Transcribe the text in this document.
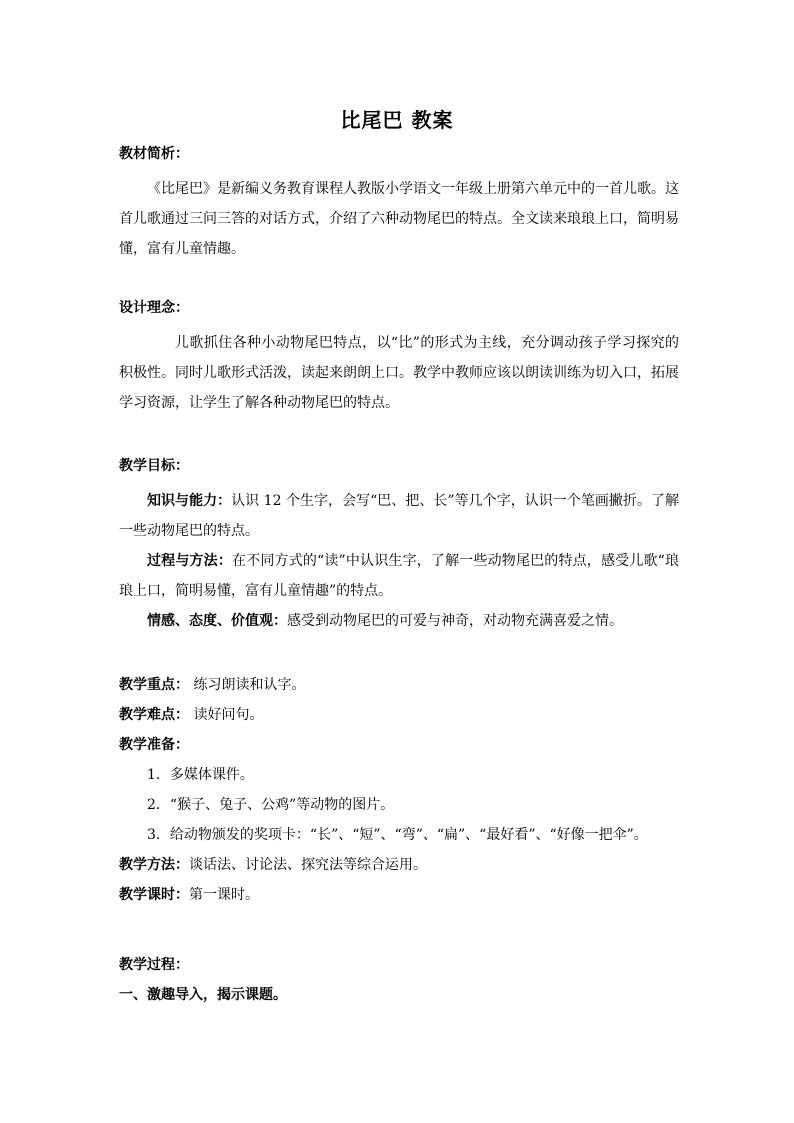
比尾巴 教案
教材简析：

《比尾巴》是新编义务教育课程人教版小学语文一年级上册第六单元中的一首儿歌。这首儿歌通过三问三答的对话方式，介绍了六种动物尾巴的特点。全文读来琅琅上口，简明易懂，富有儿童情趣。

设计理念：

儿歌抓住各种小动物尾巴特点，以“比”的形式为主线，充分调动孩子学习探究的积极性。同时儿歌形式活泼，读起来朗朗上口。教学中教师应该以朗读训练为切入口，拓展学习资源，让学生了解各种动物尾巴的特点。

教学目标：

知识与能力：认识 12 个生字，会写“巴、把、长”等几个字，认识一个笔画撇折。了解一些动物尾巴的特点。

过程与方法：在不同方式的“读”中认识生字，了解一些动物尾巴的特点，感受儿歌“琅琅上口，简明易懂，富有儿童情趣”的特点。

情感、态度、价值观：感受到动物尾巴的可爱与神奇，对动物充满喜爱之情。

教学重点： 练习朗读和认字。
教学难点： 读好问句。
教学准备：
1．多媒体课件。
2．“猴子、兔子、公鸡”等动物的图片。
3．给动物颁发的奖项卡：“长”、“短”、“弯”、“扁”、“最好看”、“好像一把伞”。
教学方法：谈话法、讨论法、探究法等综合运用。
教学课时：第一课时。
教学过程：
一、激趣导入，揭示课题。
